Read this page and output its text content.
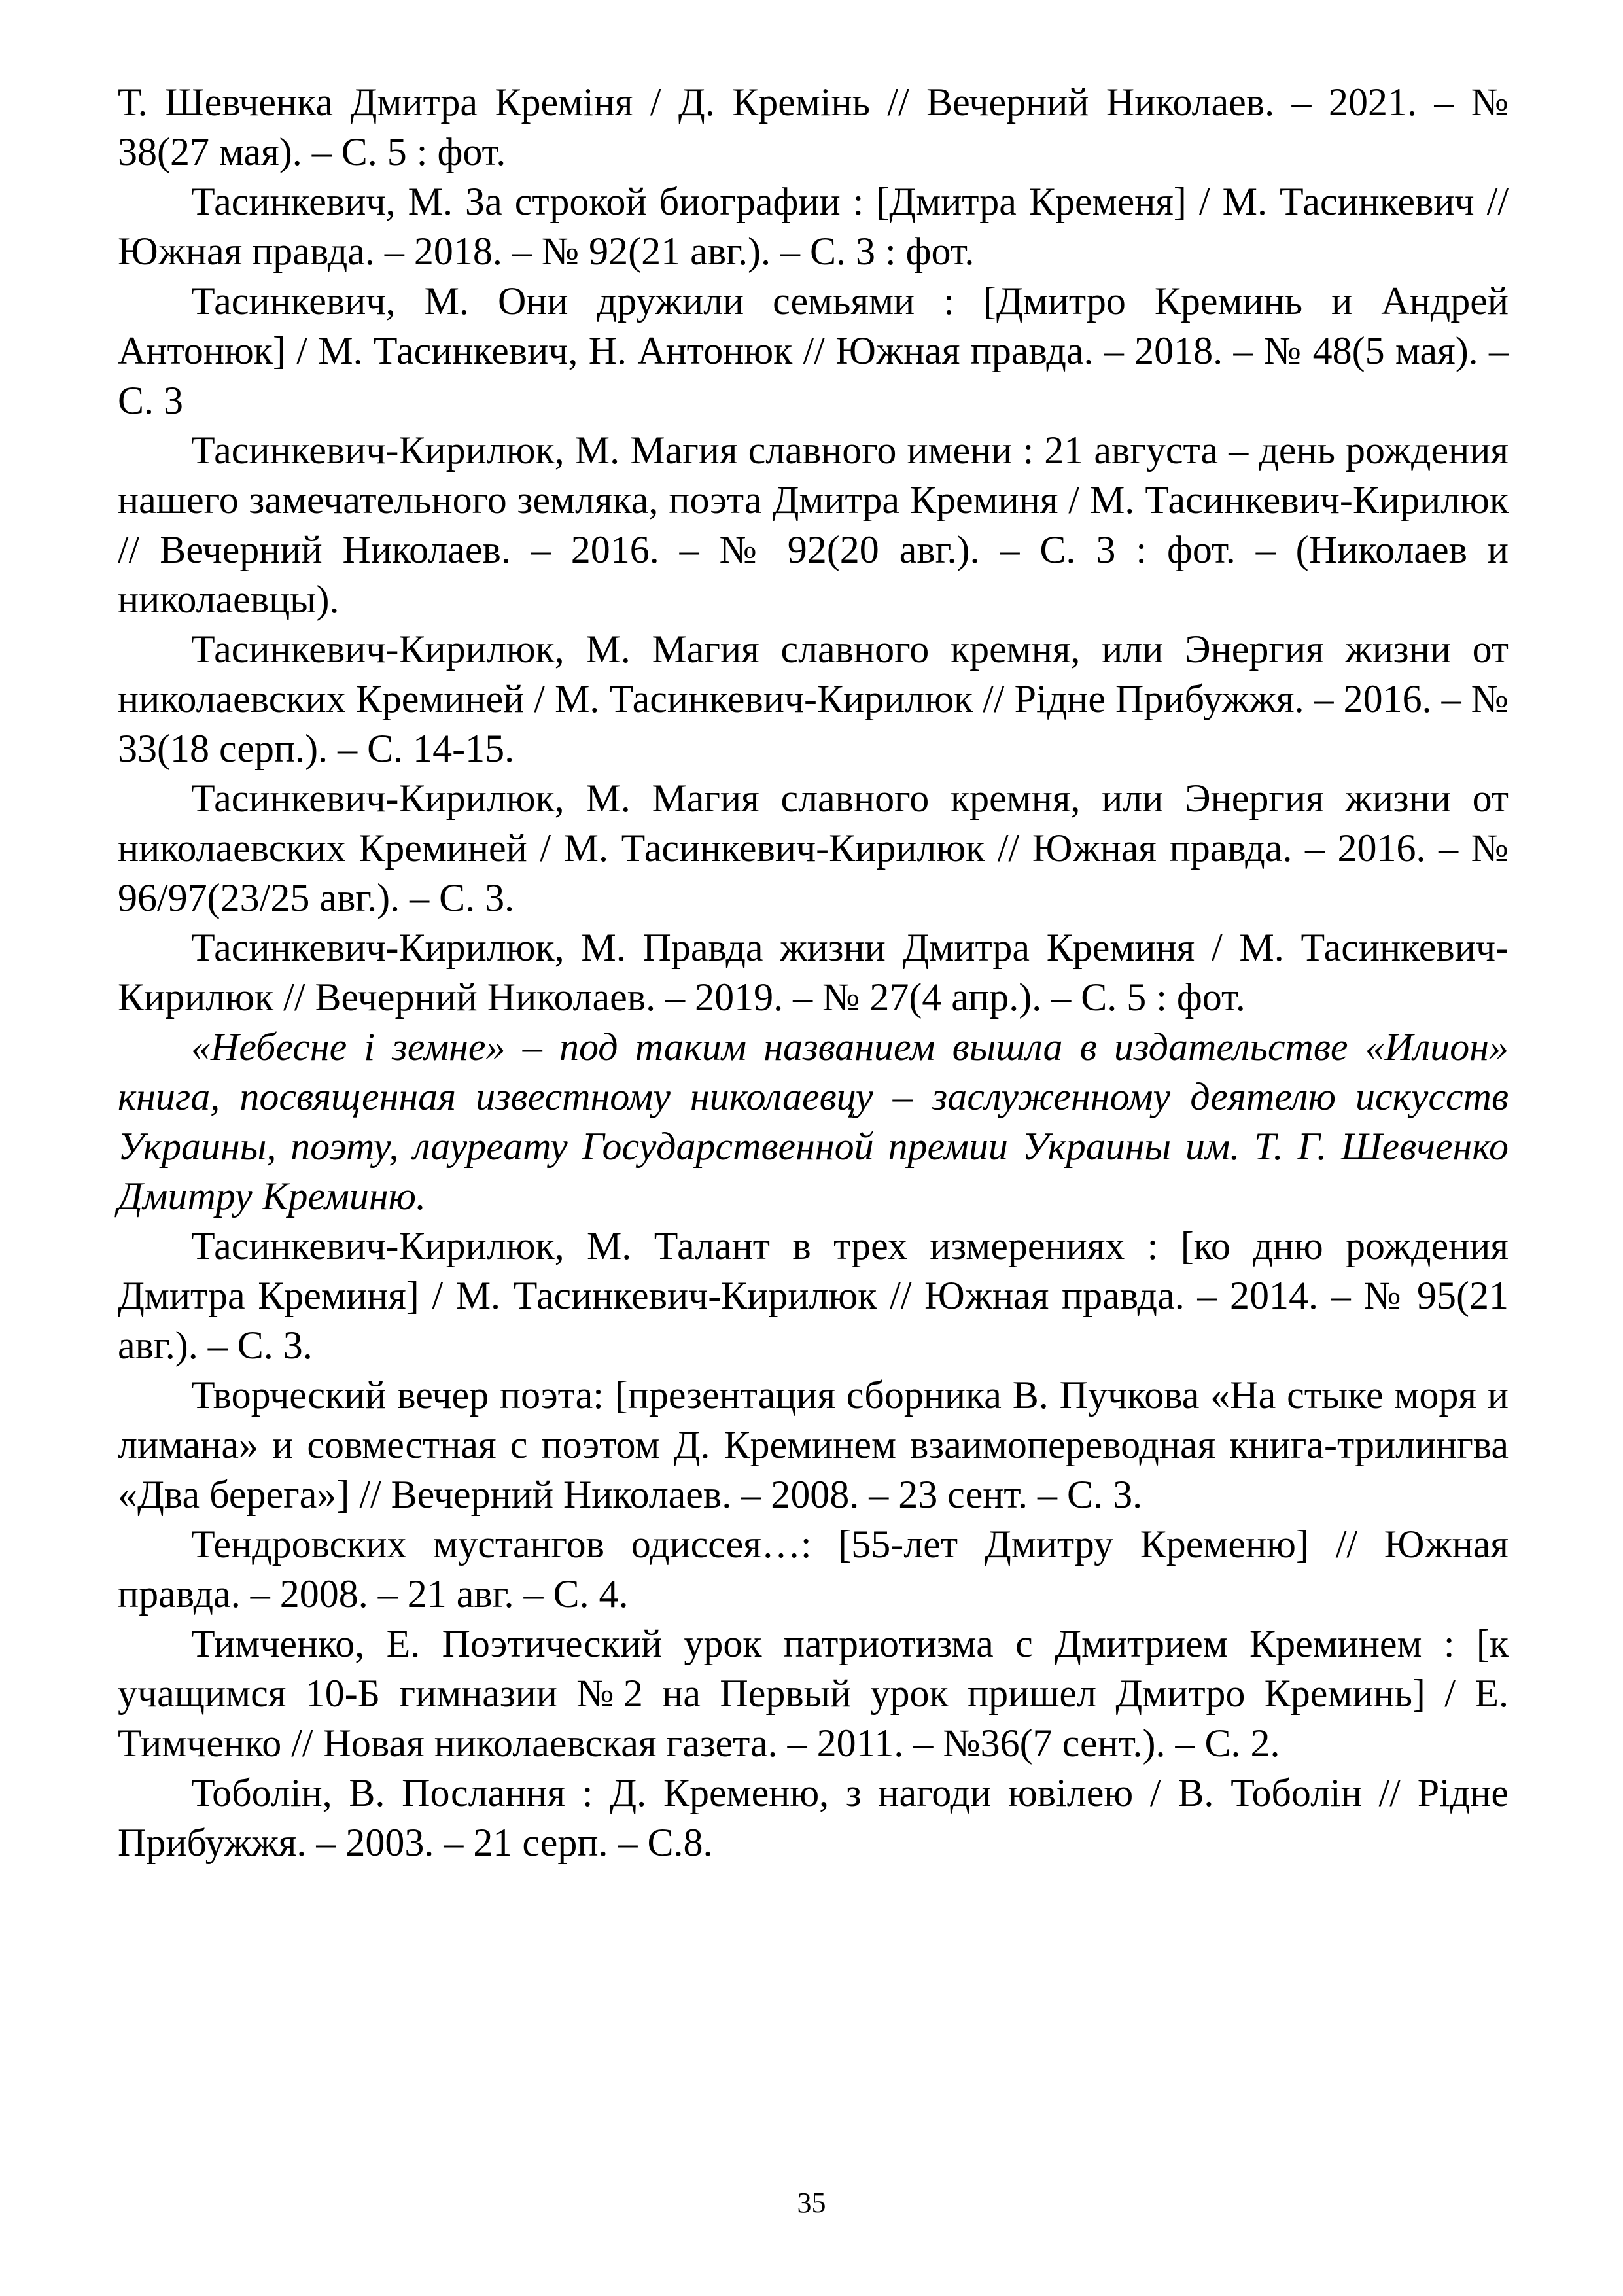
Т. Шевченка Дмитра Креміня / Д. Кремінь // Вечерний Николаев. – 2021. – № 38(27 мая). – С. 5 : фот.

Тасинкевич, М. За строкой биографии : [Дмитра Кременя] / М. Тасинкевич // Южная правда. – 2018. – № 92(21 авг.). – С. 3 : фот.

Тасинкевич, М. Они дружили семьями : [Дмитро Креминь и Андрей Антонюк] / М. Тасинкевич, Н. Антонюк // Южная правда. – 2018. – № 48(5 мая). – С. 3

Тасинкевич-Кирилюк, М. Магия славного имени : 21 августа – день рождения нашего замечательного земляка, поэта Дмитра Креминя / М. Тасинкевич-Кирилюк // Вечерний Николаев. – 2016. – № 92(20 авг.). – С. 3 : фот. – (Николаев и николаевцы).

Тасинкевич-Кирилюк, М. Магия славного кремня, или Энергия жизни от николаевских Креминей / М. Тасинкевич-Кирилюк // Рідне Прибужжя. – 2016. – № 33(18 серп.). – С. 14-15.

Тасинкевич-Кирилюк, М. Магия славного кремня, или Энергия жизни от николаевских Креминей / М. Тасинкевич-Кирилюк // Южная правда. – 2016. – № 96/97(23/25 авг.). – С. 3.

Тасинкевич-Кирилюк, М. Правда жизни Дмитра Креминя / М. Тасинкевич-Кирилюк // Вечерний Николаев. – 2019. – № 27(4 апр.). – С. 5 : фот.

«Небесне і земне» – под таким названием вышла в издательстве «Илион» книга, посвященная известному николаевцу – заслуженному деятелю искусств Украины, поэту, лауреату Государственной премии Украины им. Т. Г. Шевченко Дмитру Креминю.

Тасинкевич-Кирилюк, М. Талант в трех измерениях : [ко дню рождения Дмитра Креминя] / М. Тасинкевич-Кирилюк // Южная правда. – 2014. – № 95(21 авг.). – С. 3.

Творческий вечер поэта: [презентация сборника В. Пучкова «На стыке моря и лимана» и совместная с поэтом Д. Креминем взаимопереводная книга-трилингва «Два берега»] // Вечерний Николаев. – 2008. – 23 сент. – С. 3.

Тендровских мустангов одиссея…: [55-лет Дмитру Кременю] // Южная правда. – 2008. – 21 авг. – С. 4.

Тимченко, Е. Поэтический урок патриотизма с Дмитрием Креминем : [к учащимся 10-Б гимназии №2 на Первый урок пришел Дмитро Креминь] / Е. Тимченко // Новая николаевская газета. – 2011. – №36(7 сент.). – С. 2.

Тоболін, В. Послання : Д. Кременю, з нагоди ювілею / В. Тоболін // Рідне Прибужжя. – 2003. – 21 серп. – С.8.

35
